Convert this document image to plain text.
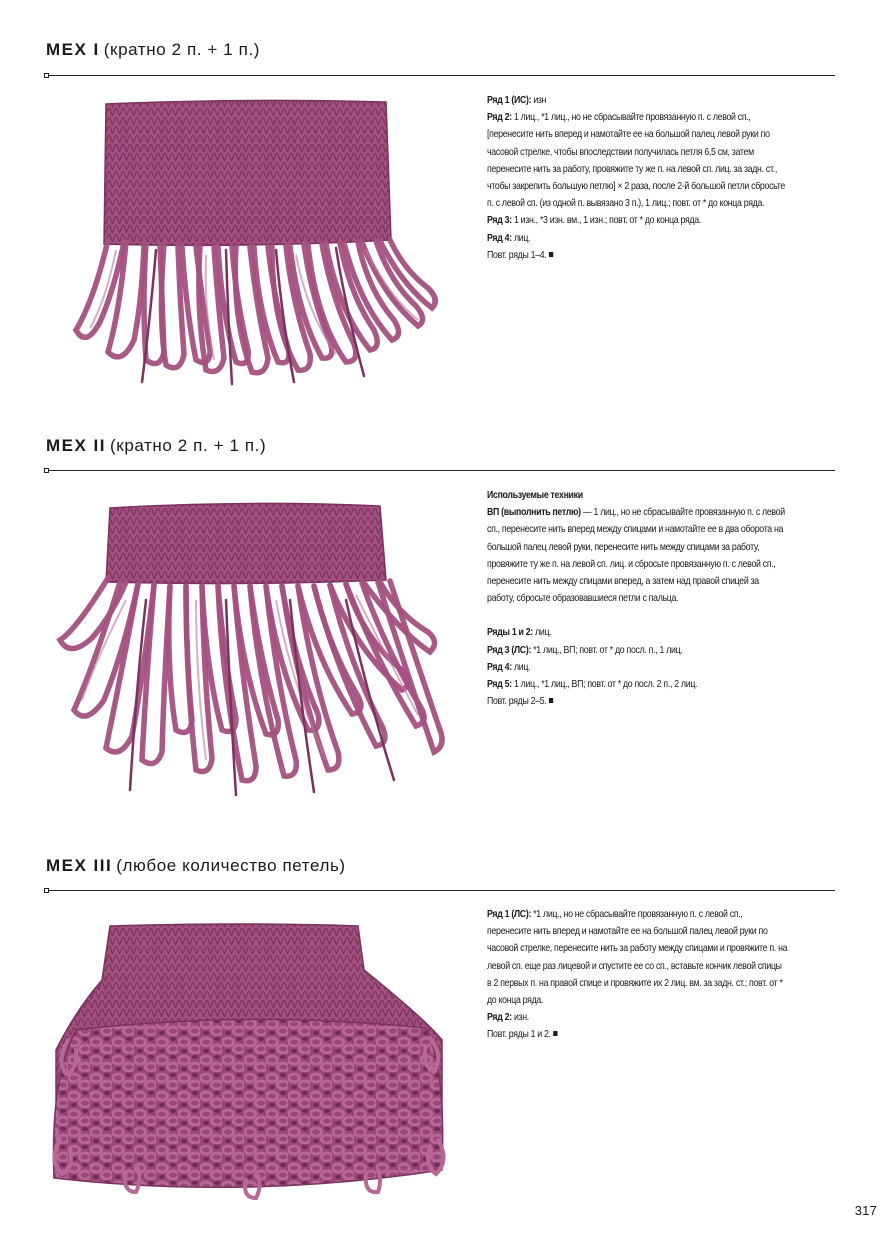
МЕХ I (кратно 2 п. + 1 п.)

Ряд 1 (ИС): изн

Ряд 2: 1 лиц., *1 лиц., но не сбрасывайте провязанную п. с левой сп., [перенесите нить вперед и намотайте ее на большой палец левой руки по часовой стрелке, чтобы впоследствии получилась петля 6,5 см, затем перенесите нить за работу, провяжите ту же п. на левой сп. лиц. за задн. ст., чтобы закрепить большую петлю] × 2 раза, после 2-й большой петли сбросьте п. с левой сп. (из одной п. вывязано 3 п.), 1 лиц.; повт. от * до конца ряда.

Ряд 3: 1 изн., *3 изн. вм., 1 изн.; повт. от * до конца ряда.

Ряд 4: лиц.

Повт. ряды 1–4.

МЕХ II (кратно 2 п. + 1 п.)

Используемые техники

ВП (выполнить петлю) — 1 лиц., но не сбрасывайте провязанную п. с левой сп., перенесите нить вперед между спицами и намотайте ее в два оборота на большой палец левой руки, перенесите нить между спицами за работу, провяжите ту же п. на левой сп. лиц. и сбросьте провязанную п. с левой сп., перенесите нить между спицами вперед, а затем над правой спицей за работу, сбросьте образовавшиеся петли с пальца.

Ряды 1 и 2: лиц.

Ряд 3 (ЛС): *1 лиц., ВП; повт. от * до посл. п., 1 лиц.

Ряд 4: лиц.

Ряд 5: 1 лиц., *1 лиц., ВП; повт. от * до посл. 2 п., 2 лиц.

Повт. ряды 2–5.

МЕХ III (любое количество петель)

Ряд 1 (ЛС): *1 лиц., но не сбрасывайте провязанную п. с левой сп., перенесите нить вперед и намотайте ее на большой палец левой руки по часовой стрелке, перенесите нить за работу между спицами и провяжите п. на левой сп. еще раз лицевой и спустите ее со сп., вставьте кончик левой спицы в 2 первых п. на правой спице и провяжите их 2 лиц. вм. за задн. ст.; повт. от * до конца ряда.

Ряд 2: изн.

Повт. ряды 1 и 2.

317
